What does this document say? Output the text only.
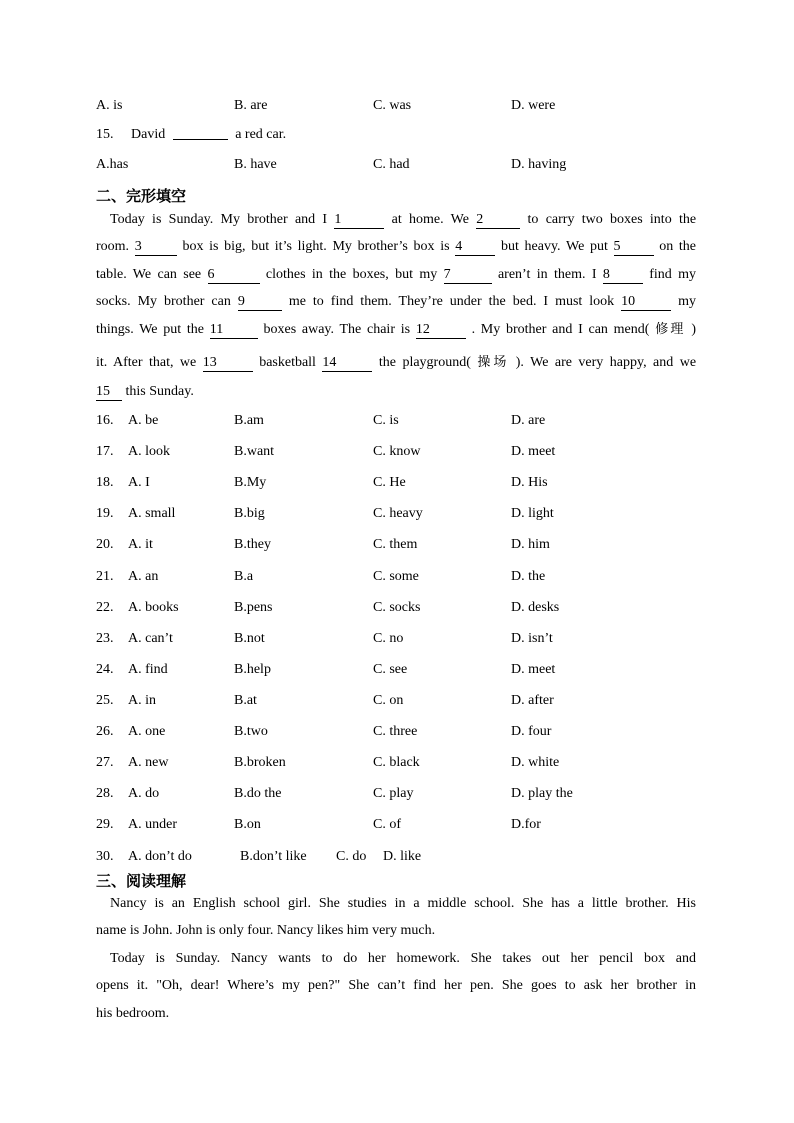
A. is	B. are	C. was	D. were
15. David	a red car.
A.has	B. have	C. had	D. having
二、完形填空
Today is Sunday. My brother and I 1	at home. We 2	to carry two boxes into the
room. 3	box is big, but it’s light. My brother’s box is 4	but heavy. We put 5	on the
table. We can see 6	clothes in the boxes, but my 7	aren’t in them. I 8	find my
socks. My brother can 9	me to find them. They’re under the bed. I must look 10	my
things. We put the 11	boxes away. The chair is 12	. My brother and I can mend( 修理 )
it. After that, we 13	basketball 14	the playground( 操场 ). We are very happy, and we
15 this Sunday.
16. A. be	B.am	C. is	D. are
17. A. look	B.want	C. know	D. meet
18. A. I	B.My	C. He	D. His
19. A. small	B.big	C. heavy	D. light
20. A. it	B.they	C. them	D. him
21. A. an	B.a	C. some	D. the
22. A. books	B.pens	C. socks	D. desks
23. A. can’t	B.not	C. no	D. isn’t
24. A. find	B.help	C. see	D. meet
25. A. in	B.at	C. on	D. after
26. A. one	B.two	C. three	D. four
27. A. new	B.broken	C. black	D. white
28. A. do	B.do the	C. play	D. play the
29. A. under	B.on	C. of	D.for
30. A. don’t do	B.don’t like C. do D. like
三、阅读理解
Nancy is an English school girl. She studies in a middle school. She has a little brother. His
name is John. John is only four. Nancy likes him very much.
Today is Sunday. Nancy wants to do her homework. She takes out her pencil box and
opens it. "Oh, dear! Where’s my pen?" She can’t find her pen. She goes to ask her brother in
his bedroom.
